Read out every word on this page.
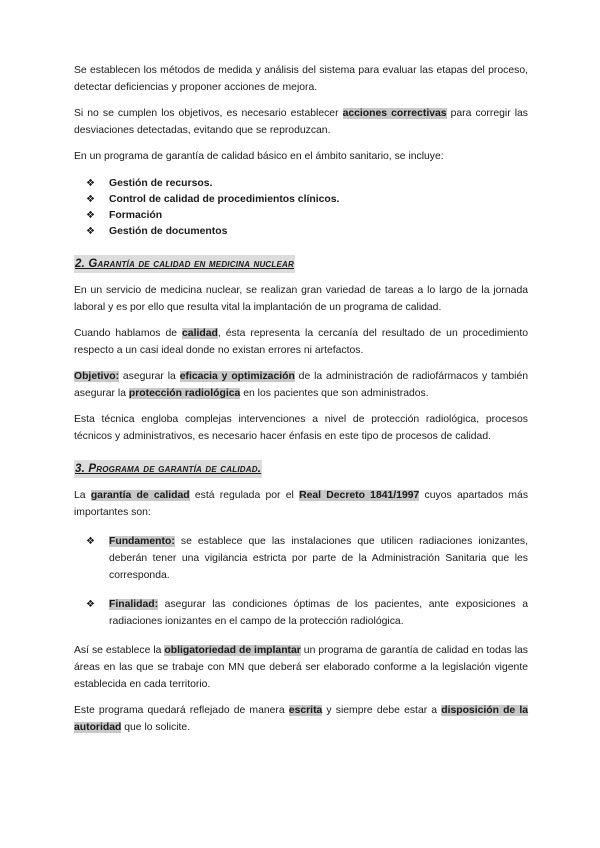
Se establecen los métodos de medida y análisis del sistema para evaluar las etapas del proceso, detectar deficiencias y proponer acciones de mejora.

Si no se cumplen los objetivos, es necesario establecer acciones correctivas para corregir las desviaciones detectadas, evitando que se reproduzcan.

En un programa de garantía de calidad básico en el ámbito sanitario, se incluye:

❖ Gestión de recursos.
❖ Control de calidad de procedimientos clínicos.
❖ Formación
❖ Gestión de documentos
2. Garantía de calidad en medicina nuclear

En un servicio de medicina nuclear, se realizan gran variedad de tareas a lo largo de la jornada laboral y es por ello que resulta vital la implantación de un programa de calidad.

Cuando hablamos de calidad, ésta representa la cercanía del resultado de un procedimiento respecto a un casi ideal donde no existan errores ni artefactos.

Objetivo: asegurar la eficacia y optimización de la administración de radiofármacos y también asegurar la protección radiológica en los pacientes que son administrados.

Esta técnica engloba complejas intervenciones a nivel de protección radiológica, procesos técnicos y administrativos, es necesario hacer énfasis en este tipo de procesos de calidad.

3. Programa de garantía de calidad.

La garantía de calidad está regulada por el Real Decreto 1841/1997 cuyos apartados más importantes son:

❖ Fundamento: se establece que las instalaciones que utilicen radiaciones ionizantes, deberán tener una vigilancia estricta por parte de la Administración Sanitaria que les corresponda.
❖ Finalidad: asegurar las condiciones óptimas de los pacientes, ante exposiciones a radiaciones ionizantes en el campo de la protección radiológica.

Así se establece la obligatoriedad de implantar un programa de garantía de calidad en todas las áreas en las que se trabaje con MN que deberá ser elaborado conforme a la legislación vigente establecida en cada territorio.

Este programa quedará reflejado de manera escrita y siempre debe estar a disposición de la autoridad que lo solicite.
